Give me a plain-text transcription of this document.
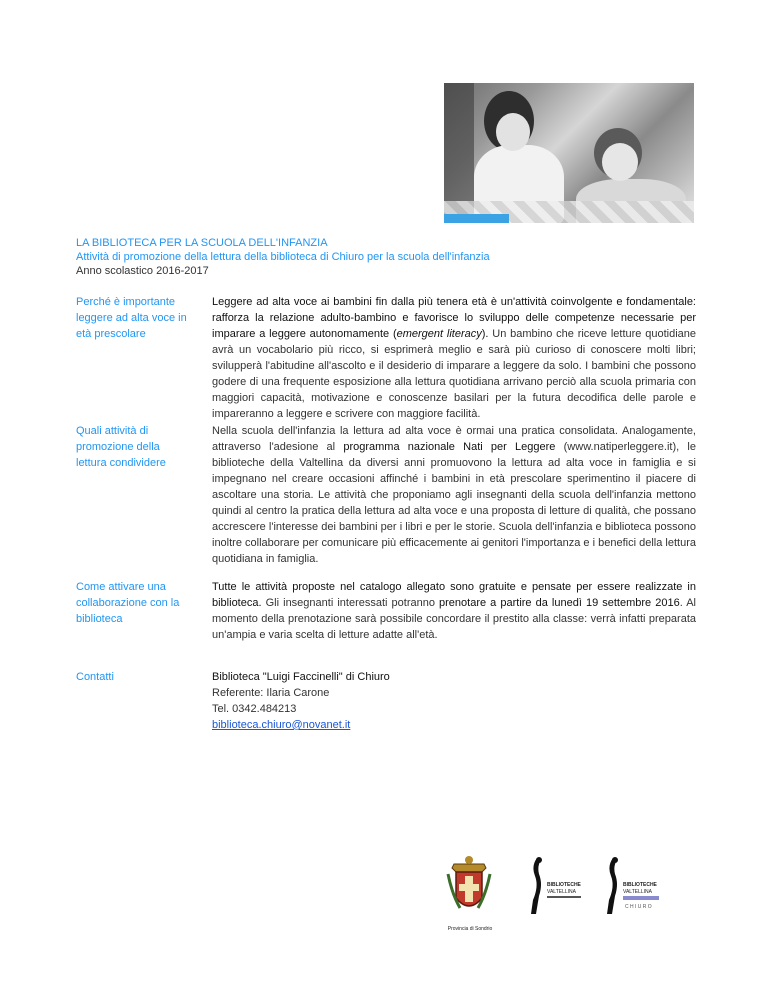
LA BIBLIOTECA PER LA SCUOLA DELL'INFANZIA
Attività di promozione della lettura della biblioteca di Chiuro per la scuola dell'infanzia
Anno scolastico 2016-2017
Perché è importante leggere ad alta voce in età prescolare
Leggere ad alta voce ai bambini fin dalla più tenera età è un'attività coinvolgente e fondamentale: rafforza la relazione adulto-bambino e favorisce lo sviluppo delle competenze necessarie per imparare a leggere autonomamente (emergent literacy). Un bambino che riceve letture quotidiane avrà un vocabolario più ricco, si esprimerà meglio e sarà più curioso di conoscere molti libri; svilupperà l'abitudine all'ascolto e il desiderio di imparare a leggere da solo. I bambini che possono godere di una frequente esposizione alla lettura quotidiana arrivano perciò alla scuola primaria con maggiori capacità, motivazione e conoscenze basilari per la futura decodifica delle parole e impareranno a leggere e scrivere con maggiore facilità.
Quali attività di promozione della lettura condividere
Nella scuola dell'infanzia la lettura ad alta voce è ormai una pratica consolidata. Analogamente, attraverso l'adesione al programma nazionale Nati per Leggere (www.natiperleggere.it), le biblioteche della Valtellina da diversi anni promuovono la lettura ad alta voce in famiglia e si impegnano nel creare occasioni affinché i bambini in età prescolare sperimentino il piacere di ascoltare una storia. Le attività che proponiamo agli insegnanti della scuola dell'infanzia mettono quindi al centro la pratica della lettura ad alta voce e una proposta di letture di qualità, che possano accrescere l'interesse dei bambini per i libri e per le storie. Scuola dell'infanzia e biblioteca possono inoltre collaborare per comunicare più efficacemente ai genitori l'importanza e i benefici della lettura quotidiana in famiglia.
Come attivare una collaborazione con la biblioteca
Tutte le attività proposte nel catalogo allegato sono gratuite e pensate per essere realizzate in biblioteca. Gli insegnanti interessati potranno prenotare a partire da lunedì 19 settembre 2016. Al momento della prenotazione sarà possibile concordare il prestito alla classe: verrà infatti preparata un'ampia e varia scelta di letture adatte all'età.
Contatti	Biblioteca "Luigi Faccinelli" di Chiuro
Referente: Ilaria Carone
Tel. 0342.484213
biblioteca.chiuro@novanet.it
Provincia di Sondrio
BIBLIOTECHE
VALTELLINA
BIBLIOTECHE
VALTELLINA
C H I U R O
